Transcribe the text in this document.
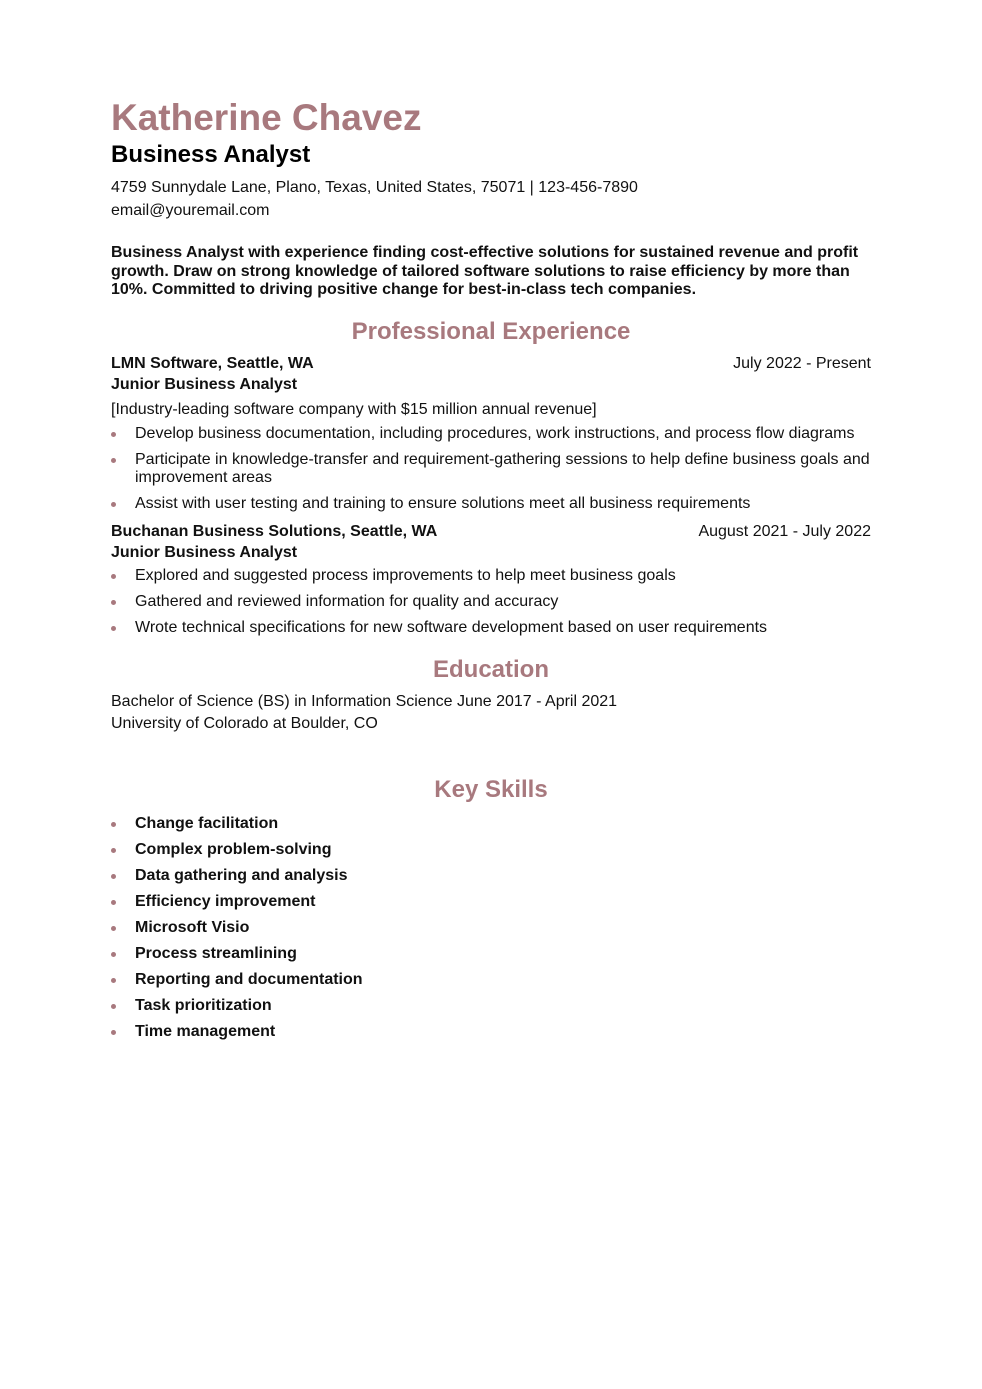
Katherine Chavez
Business Analyst
4759 Sunnydale Lane, Plano, Texas, United States, 75071 | 123-456-7890
email@youremail.com
Business Analyst with experience finding cost-effective solutions for sustained revenue and profit growth. Draw on strong knowledge of tailored software solutions to raise efficiency by more than 10%. Committed to driving positive change for best-in-class tech companies.
Professional Experience
LMN Software, Seattle, WA	July 2022 - Present
Junior Business Analyst
[Industry-leading software company with $15 million annual revenue]
Develop business documentation, including procedures, work instructions, and process flow diagrams
Participate in knowledge-transfer and requirement-gathering sessions to help define business goals and improvement areas
Assist with user testing and training to ensure solutions meet all business requirements
Buchanan Business Solutions, Seattle, WA	August 2021 - July 2022
Junior Business Analyst
Explored and suggested process improvements to help meet business goals
Gathered and reviewed information for quality and accuracy
Wrote technical specifications for new software development based on user requirements
Education
Bachelor of Science (BS) in Information Science June 2017 - April 2021
University of Colorado at Boulder, CO
Key Skills
Change facilitation
Complex problem-solving
Data gathering and analysis
Efficiency improvement
Microsoft Visio
Process streamlining
Reporting and documentation
Task prioritization
Time management
